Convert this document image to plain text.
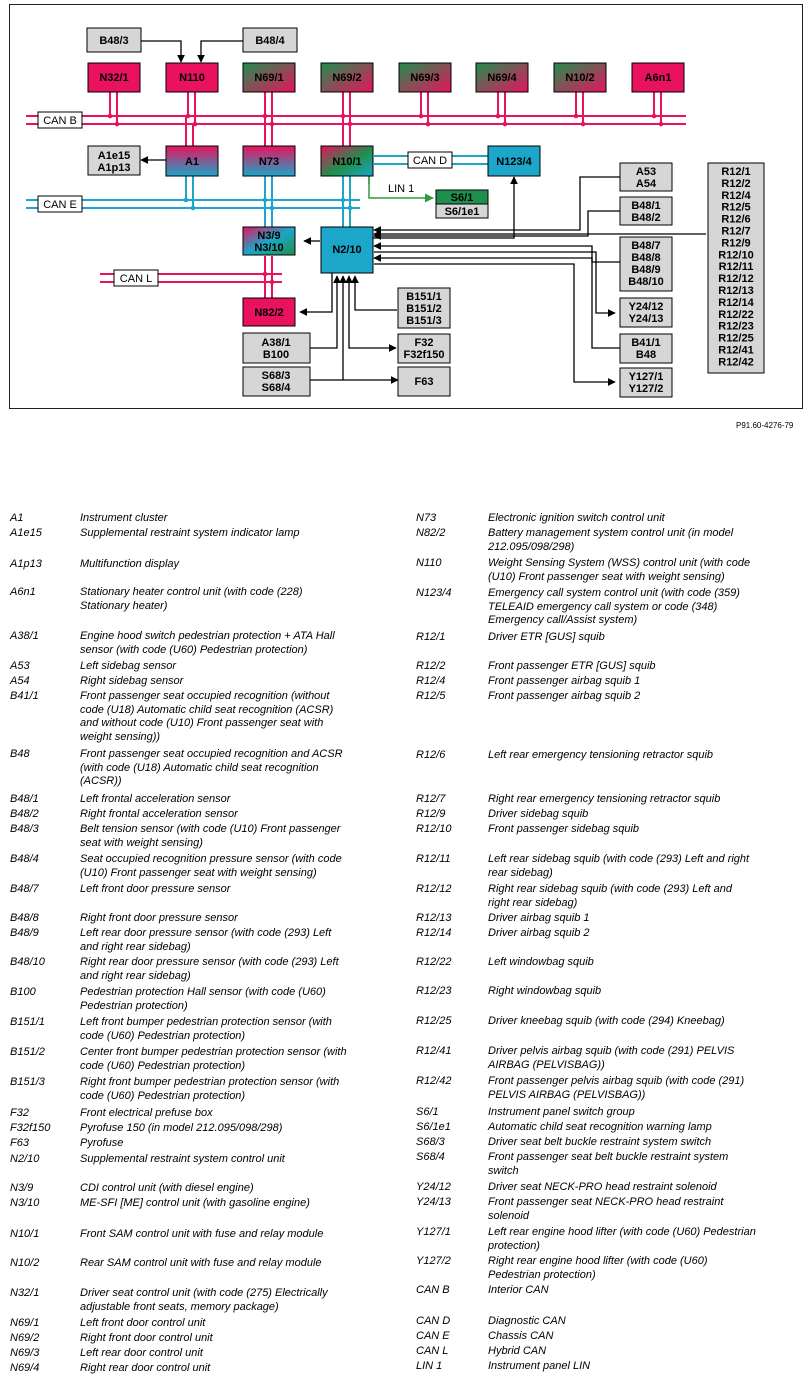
CAN B
CAN E
CAN L
CAN D
LIN 1
B48/3	B48/4
N32/1	N110	N69/1	N69/2	N69/3	N69/4	N10/2	A6n1
A1e15
A1p13	A1	N73	N10/1	N123/4
S6/1
S6/1e1
N3/9
N3/10	N2/10
N82/2
A38/1
B100
S68/3
S68/4
B151/1
B151/2
B151/3
F32
F32f150
F63
A53
A54
B48/1
B48/2
B48/7
B48/8
B48/9
B48/10
Y24/12
Y24/13
B41/1
B48
Y127/1
Y127/2
R12/1
R12/2
R12/4
R12/5
R12/6
R12/7
R12/9
R12/10
R12/11
R12/12
R12/13
R12/14
R12/22
R12/23
R12/25
R12/41
R12/42
P91.60-4276-79
A1	Instrument cluster
A1e15	Supplemental restraint system indicator lamp
A1p13	Multifunction display
A6n1	Stationary heater control unit (with code (228)
Stationary heater)
A38/1	Engine hood switch pedestrian protection + ATA Hall
sensor (with code (U60) Pedestrian protection)
A53	Left sidebag sensor
A54	Right sidebag sensor
B41/1	Front passenger seat occupied recognition (without
code (U18) Automatic child seat recognition (ACSR)
and without code (U10) Front passenger seat with
weight sensing))
B48	Front passenger seat occupied recognition and ACSR
(with code (U18) Automatic child seat recognition
(ACSR))
B48/1	Left frontal acceleration sensor
B48/2	Right frontal acceleration sensor
B48/3	Belt tension sensor (with code (U10) Front passenger
seat with weight sensing)
B48/4	Seat occupied recognition pressure sensor (with code
(U10) Front passenger seat with weight sensing)
B48/7	Left front door pressure sensor
B48/8	Right front door pressure sensor
B48/9	Left rear door pressure sensor (with code (293) Left
and right rear sidebag)
B48/10	Right rear door pressure sensor (with code (293) Left
and right rear sidebag)
B100	Pedestrian protection Hall sensor (with code (U60)
Pedestrian protection)
B151/1	Left front bumper pedestrian protection sensor (with
code (U60) Pedestrian protection)
B151/2	Center front bumper pedestrian protection sensor (with
code (U60) Pedestrian protection)
B151/3	Right front bumper pedestrian protection sensor (with
code (U60) Pedestrian protection)
F32	Front electrical prefuse box
F32f150	Pyrofuse 150 (in model 212.095/098/298)
F63	Pyrofuse
N2/10	Supplemental restraint system control unit
N3/9	CDI control unit (with diesel engine)
N3/10	ME-SFI [ME] control unit (with gasoline engine)
N10/1	Front SAM control unit with fuse and relay module
N10/2	Rear SAM control unit with fuse and relay module
N32/1	Driver seat control unit (with code (275) Electrically
adjustable front seats, memory package)
N69/1	Left front door control unit
N69/2	Right front door control unit
N69/3	Left rear door control unit
N69/4	Right rear door control unit
N73	Electronic ignition switch control unit
N82/2	Battery management system control unit (in model
212.095/098/298)
N110	Weight Sensing System (WSS) control unit (with code
(U10) Front passenger seat with weight sensing)
N123/4	Emergency call system control unit (with code (359)
TELEAID emergency call system or code (348)
Emergency call/Assist system)
R12/1	Driver ETR [GUS] squib
R12/2	Front passenger ETR [GUS] squib
R12/4	Front passenger airbag squib 1
R12/5	Front passenger airbag squib 2
R12/6	Left rear emergency tensioning retractor squib
R12/7	Right rear emergency tensioning retractor squib
R12/9	Driver sidebag squib
R12/10	Front passenger sidebag squib
R12/11	Left rear sidebag squib (with code (293) Left and right
rear sidebag)
R12/12	Right rear sidebag squib (with code (293) Left and
right rear sidebag)
R12/13	Driver airbag squib 1
R12/14	Driver airbag squib 2
R12/22	Left windowbag squib
R12/23	Right windowbag squib
R12/25	Driver kneebag squib (with code (294) Kneebag)
R12/41	Driver pelvis airbag squib (with code (291) PELVIS
AIRBAG (PELVISBAG))
R12/42	Front passenger pelvis airbag squib (with code (291)
PELVIS AIRBAG (PELVISBAG))
S6/1	Instrument panel switch group
S6/1e1	Automatic child seat recognition warning lamp
S68/3	Driver seat belt buckle restraint system switch
S68/4	Front passenger seat belt buckle restraint system
switch
Y24/12	Driver seat NECK-PRO head restraint solenoid
Y24/13	Front passenger seat NECK-PRO head restraint
solenoid
Y127/1	Left rear engine hood lifter (with code (U60) Pedestrian
protection)
Y127/2	Right rear engine hood lifter (with code (U60)
Pedestrian protection)
CAN B	Interior CAN
CAN D	Diagnostic CAN
CAN E	Chassis CAN
CAN L	Hybrid CAN
LIN 1	Instrument panel LIN
